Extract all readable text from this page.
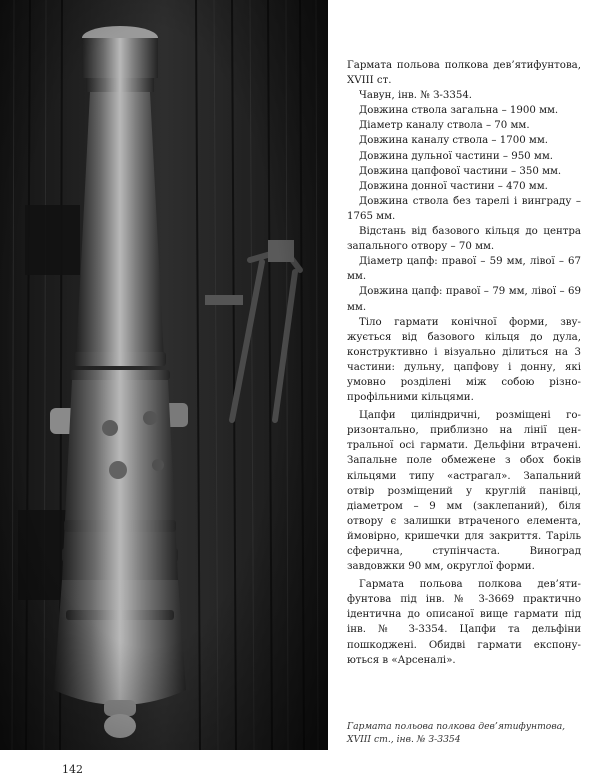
Гармата польова полкова дев’ятифунтова, XVIII ст.

Чавун, інв. № З-3354.

Довжина ствола загальна – 1900 мм.

Діаметр каналу ствола – 70 мм.

Довжина каналу ствола – 1700 мм.

Довжина дульної частини – 950 мм.

Довжина цапфової частини – 350 мм.

Довжина донної частини – 470 мм.

Довжина ствола без тарелі і винграду – 1765 мм.

Відстань від базового кільця до центра запального отвору – 70 мм.

Діаметр цапф: правої – 59 мм, лівої – 67 мм.

Довжина цапф: правої – 79 мм, лівої – 69 мм.

Тіло гармати конічної форми, звужується від базового кільця до дула, конструктивно і візуально ділиться на 3 частини: дульну, цапфову і донну, які умовно розділені між собою різнопрофільними кільцями.

Цапфи циліндричні, розміщені горизонтально, приблизно на лінії центральної осі гармати. Дельфіни втрачені. Запальне поле обмежене з обох боків кільцями типу «астрагал». Запальний отвір розміщений у круглій панівці, діаметром – 9 мм (заклепаний), біля отвору є залишки втраченого елемента, ймовірно, кришечки для закриття. Таріль сферична, ступінчаста. Виноград завдовжки 90 мм, округлої форми.

Гармата польова полкова дев’ятифунтова під інв. № З-3669 практично ідентична до описаної вище гармати під інв. № З-3354. Цапфи та дельфіни пошкоджені. Обидві гармати експонуються в «Арсеналі».

Гармата польова полкова дев’ятифунтова, XVIII ст., інв. № З-3354
142
